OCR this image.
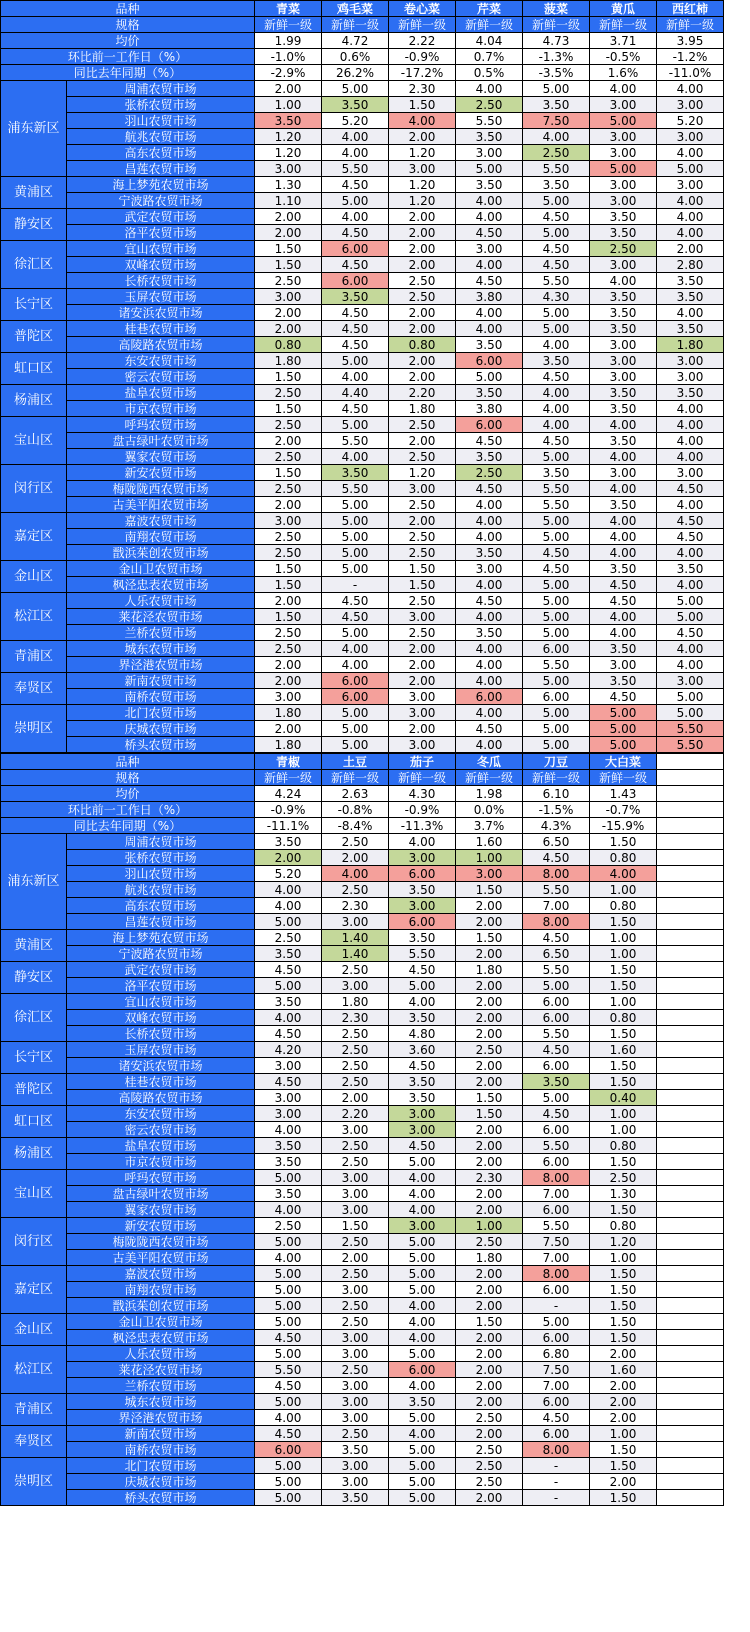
品种		青菜	鸡毛菜	卷心菜	芹菜	菠菜	黄瓜	西红柿
规格		新鲜一级	新鲜一级	新鲜一级	新鲜一级	新鲜一级	新鲜一级	新鲜一级
均价		1.99	4.72	2.22	4.04	4.73	3.71	3.95
环比前一工作日（%）		-1.0%	0.6%	-0.9%	0.7%	-1.3%	-0.5%	-1.2%
同比去年同期（%）		-2.9%	26.2%	-17.2%	0.5%	-3.5%	1.6%	-11.0%
浦东新区	周浦农贸市场	2.00	5.00	2.30	4.00	5.00	4.00	4.00
	张桥农贸市场	1.00	3.50	1.50	2.50	3.50	3.00	3.00
	羽山农贸市场	3.50	5.20	4.00	5.50	7.50	5.00	5.20
	航兆农贸市场	1.20	4.00	2.00	3.50	4.00	3.00	3.00
	高东农贸市场	1.20	4.00	1.20	3.00	2.50	3.00	4.00
	昌莲农贸市场	3.00	5.50	3.00	5.00	5.50	5.00	5.00
黄浦区	海上梦苑农贸市场	1.30	4.50	1.20	3.50	3.50	3.00	3.00
	宁波路农贸市场	1.10	5.00	1.20	4.00	5.00	3.00	4.00
静安区	武定农贸市场	2.00	4.00	2.00	4.00	4.50	3.50	4.00
	洛平农贸市场	2.00	4.50	2.00	4.50	5.00	3.50	4.00
徐汇区	宜山农贸市场	1.50	6.00	2.00	3.00	4.50	2.50	2.00
	双峰农贸市场	1.50	4.50	2.00	4.00	4.50	3.00	2.80
	长桥农贸市场	2.50	6.00	2.50	4.50	5.50	4.00	3.50
长宁区	玉屏农贸市场	3.00	3.50	2.50	3.80	4.30	3.50	3.50
	诸安浜农贸市场	2.00	4.50	2.00	4.00	5.00	3.50	4.00
普陀区	桂巷农贸市场	2.00	4.50	2.00	4.00	5.00	3.50	3.50
	高陵路农贸市场	0.80	4.50	0.80	3.50	4.00	3.00	1.80
虹口区	东安农贸市场	1.80	5.00	2.00	6.00	3.50	3.00	3.00
	密云农贸市场	1.50	4.00	2.00	5.00	4.50	3.00	3.00
杨浦区	盐阜农贸市场	2.50	4.40	2.20	3.50	4.00	3.50	3.50
	市京农贸市场	1.50	4.50	1.80	3.80	4.00	3.50	4.00
宝山区	呼玛农贸市场	2.50	5.00	2.50	6.00	4.00	4.00	4.00
	盘古绿叶农贸市场	2.00	5.50	2.00	4.50	4.50	3.50	4.00
	翼家农贸市场	2.50	4.00	2.50	3.50	5.00	4.00	4.00
闵行区	新安农贸市场	1.50	3.50	1.20	2.50	3.50	3.00	3.00
	梅陇陇西农贸市场	2.50	5.50	3.00	4.50	5.50	4.00	4.50
	古美平阳农贸市场	2.00	5.00	2.50	4.00	5.50	3.50	4.00
嘉定区	嘉波农贸市场	3.00	5.00	2.00	4.00	5.00	4.00	4.50
	南翔农贸市场	2.50	5.00	2.50	4.00	5.00	4.00	4.50
	戬浜茱创农贸市场	2.50	5.00	2.50	3.50	4.50	4.00	4.00
金山区	金山卫农贸市场	1.50	5.00	1.50	3.00	4.50	3.50	3.50
	枫泾忠表农贸市场	1.50	-	1.50	4.00	5.00	4.50	4.00
松江区	人乐农贸市场	2.00	4.50	2.50	4.50	5.00	4.50	5.00
	莱花泾农贸市场	1.50	4.50	3.00	4.00	5.00	4.00	5.00
	兰桥农贸市场	2.50	5.00	2.50	3.50	5.00	4.00	4.50
青浦区	城东农贸市场	2.50	4.00	2.00	4.00	6.00	3.50	4.00
	界泾港农贸市场	2.00	4.00	2.00	4.00	5.50	3.00	4.00
奉贤区	新南农贸市场	2.00	6.00	2.00	4.00	5.00	3.50	3.00
	南桥农贸市场	3.00	6.00	3.00	6.00	6.00	4.50	5.00
崇明区	北门农贸市场	1.80	5.00	3.00	4.00	5.00	5.00	5.00
	庆城农贸市场	2.00	5.00	2.00	4.50	5.00	5.00	5.50
	桥头农贸市场	1.80	5.00	3.00	4.00	5.00	5.00	5.50
品种		青椒	土豆	茄子	冬瓜	刀豆	大白菜	
规格		新鲜一级	新鲜一级	新鲜一级	新鲜一级	新鲜一级	新鲜一级	
均价		4.24	2.63	4.30	1.98	6.10	1.43	
环比前一工作日（%）		-0.9%	-0.8%	-0.9%	0.0%	-1.5%	-0.7%	
同比去年同期（%）		-11.1%	-8.4%	-11.3%	3.7%	4.3%	-15.9%	
浦东新区	周浦农贸市场	3.50	2.50	4.00	1.60	6.50	1.50	
	张桥农贸市场	2.00	2.00	3.00	1.00	4.50	0.80	
	羽山农贸市场	5.20	4.00	6.00	3.00	8.00	4.00	
	航兆农贸市场	4.00	2.50	3.50	1.50	5.50	1.00	
	高东农贸市场	4.00	2.30	3.00	2.00	7.00	0.80	
	昌莲农贸市场	5.00	3.00	6.00	2.00	8.00	1.50	
黄浦区	海上梦苑农贸市场	2.50	1.40	3.50	1.50	4.50	1.00	
	宁波路农贸市场	3.50	1.40	5.50	2.00	6.50	1.00	
静安区	武定农贸市场	4.50	2.50	4.50	1.80	5.50	1.50	
	洛平农贸市场	5.00	3.00	5.00	2.00	5.00	1.50	
徐汇区	宜山农贸市场	3.50	1.80	4.00	2.00	6.00	1.00	
	双峰农贸市场	4.00	2.30	3.50	2.00	6.00	0.80	
	长桥农贸市场	4.50	2.50	4.80	2.00	5.50	1.50	
长宁区	玉屏农贸市场	4.20	2.50	3.60	2.50	4.50	1.60	
	诸安浜农贸市场	3.00	2.50	4.50	2.00	6.00	1.50	
普陀区	桂巷农贸市场	4.50	2.50	3.50	2.00	3.50	1.50	
	高陵路农贸市场	3.00	2.00	3.50	1.50	5.00	0.40	
虹口区	东安农贸市场	3.00	2.20	3.00	1.50	4.50	1.00	
	密云农贸市场	4.00	3.00	3.00	2.00	6.00	1.00	
杨浦区	盐阜农贸市场	3.50	2.50	4.50	2.00	5.50	0.80	
	市京农贸市场	3.50	2.50	5.00	2.00	6.00	1.50	
宝山区	呼玛农贸市场	5.00	3.00	4.00	2.30	8.00	2.50	
	盘古绿叶农贸市场	3.50	3.00	4.00	2.00	7.00	1.30	
	翼家农贸市场	4.00	3.00	4.00	2.00	6.00	1.50	
闵行区	新安农贸市场	2.50	1.50	3.00	1.00	5.50	0.80	
	梅陇陇西农贸市场	5.00	2.50	5.00	2.50	7.50	1.20	
	古美平阳农贸市场	4.00	2.00	5.00	1.80	7.00	1.00	
嘉定区	嘉波农贸市场	5.00	2.50	5.00	2.00	8.00	1.50	
	南翔农贸市场	5.00	3.00	5.00	2.00	6.00	1.50	
	戬浜茱创农贸市场	5.00	2.50	4.00	2.00	-	1.50	
金山区	金山卫农贸市场	5.00	2.50	4.00	1.50	5.00	1.50	
	枫泾忠表农贸市场	4.50	3.00	4.00	2.00	6.00	1.50	
松江区	人乐农贸市场	5.00	3.00	5.00	2.00	6.80	2.00	
	莱花泾农贸市场	5.50	2.50	6.00	2.00	7.50	1.60	
	兰桥农贸市场	4.50	3.00	4.00	2.00	7.00	2.00	
青浦区	城东农贸市场	5.00	3.00	3.50	2.00	6.00	2.00	
	界泾港农贸市场	4.00	3.00	5.00	2.50	4.50	2.00	
奉贤区	新南农贸市场	4.50	2.50	4.00	2.00	6.00	1.00	
	南桥农贸市场	6.00	3.50	5.00	2.50	8.00	1.50	
崇明区	北门农贸市场	5.00	3.00	5.00	2.50	-	1.50	
	庆城农贸市场	5.00	3.00	5.00	2.50	-	2.00	
	桥头农贸市场	5.00	3.50	5.00	2.00	-	1.50	
